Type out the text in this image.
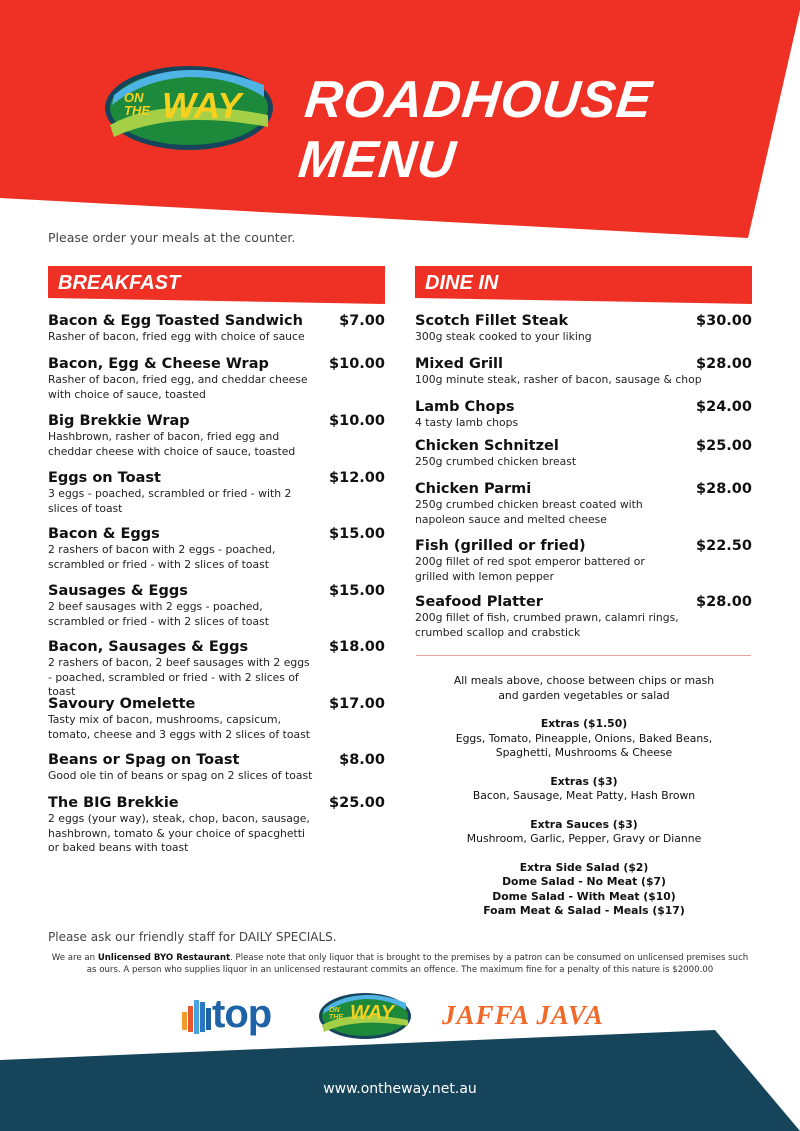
ON
THE WAY ROADHOUSE MENU
Please order your meals at the counter.
BREAKFAST	DINE IN
Bacon & Egg Toasted Sandwich	$7.00
Rasher of bacon, fried egg with choice of sauce
Bacon, Egg & Cheese Wrap	$10.00
Rasher of bacon, fried egg, and cheddar cheese with choice of sauce, toasted
Big Brekkie Wrap	$10.00
Hashbrown, rasher of bacon, fried egg and cheddar cheese with choice of sauce, toasted
Eggs on Toast	$12.00
3 eggs - poached, scrambled or fried - with 2 slices of toast
Bacon & Eggs	$15.00
2 rashers of bacon with 2 eggs - poached, scrambled or fried - with 2 slices of toast
Sausages & Eggs	$15.00
2 beef sausages with 2 eggs - poached, scrambled or fried - with 2 slices of toast
Bacon, Sausages & Eggs	$18.00
2 rashers of bacon, 2 beef sausages with 2 eggs - poached, scrambled or fried - with 2 slices of toast
Savoury Omelette	$17.00
Tasty mix of bacon, mushrooms, capsicum, tomato, cheese and 3 eggs with 2 slices of toast
Beans or Spag on Toast	$8.00
Good ole tin of beans or spag on 2 slices of toast
The BIG Brekkie	$25.00
2 eggs (your way), steak, chop, bacon, sausage, hashbrown, tomato & your choice of spacghetti or baked beans with toast
Scotch Fillet Steak	$30.00
300g steak cooked to your liking
Mixed Grill	$28.00
100g minute steak, rasher of bacon, sausage & chop
Lamb Chops	$24.00
4 tasty lamb chops
Chicken Schnitzel	$25.00
250g crumbed chicken breast
Chicken Parmi	$28.00
250g crumbed chicken breast coated with napoleon sauce and melted cheese
Fish (grilled or fried)	$22.50
200g fillet of red spot emperor battered or grilled with lemon pepper
Seafood Platter	$28.00
200g fillet of fish, crumbed prawn, calamri rings, crumbed scallop and crabstick
All meals above, choose between chips or mash
and garden vegetables or salad
Extras ($1.50)
Eggs, Tomato, Pineapple, Onions, Baked Beans,
Spaghetti, Mushrooms & Cheese
Extras ($3)
Bacon, Sausage, Meat Patty, Hash Brown
Extra Sauces ($3)
Mushroom, Garlic, Pepper, Gravy or Dianne
Extra Side Salad ($2)
Dome Salad - No Meat ($7)
Dome Salad - With Meat ($10)
Foam Meat & Salad - Meals ($17)
Please ask our friendly staff for DAILY SPECIALS.
We are an Unlicensed BYO Restaurant. Please note that only liquor that is brought to the premises by a patron can be consumed on unlicensed premises such as ours. A person who supplies liquor in an unlicensed restaurant commits an offence. The maximum fine for a penalty of this nature is $2000.00
top	ON
THE WAY JAFFA JAVA
www.ontheway.net.au
